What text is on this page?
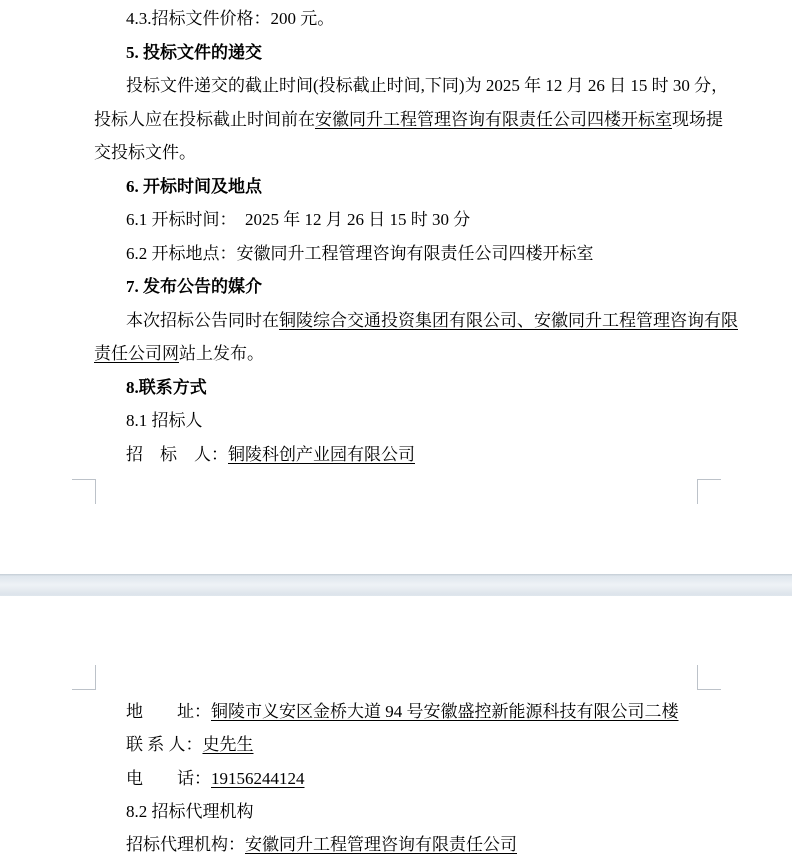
4.3.招标文件价格：200 元。
5. 投标文件的递交
投标文件递交的截止时间(投标截止时间,下同)为 2025 年 12 月 26 日 15 时 30 分，
投标人应在投标截止时间前在安徽同升工程管理咨询有限责任公司四楼开标室现场提
交投标文件。
6. 开标时间及地点
6.1 开标时间：  2025 年 12 月 26 日 15 时 30 分
6.2 开标地点：安徽同升工程管理咨询有限责任公司四楼开标室
7. 发布公告的媒介
本次招标公告同时在铜陵综合交通投资集团有限公司、安徽同升工程管理咨询有限
责任公司网站上发布。
8.联系方式
8.1 招标人
招　标　人：铜陵科创产业园有限公司
地　　址：铜陵市义安区金桥大道 94 号安徽盛控新能源科技有限公司二楼
联 系 人：史先生
电　　话：19156244124
8.2 招标代理机构
招标代理机构：安徽同升工程管理咨询有限责任公司
